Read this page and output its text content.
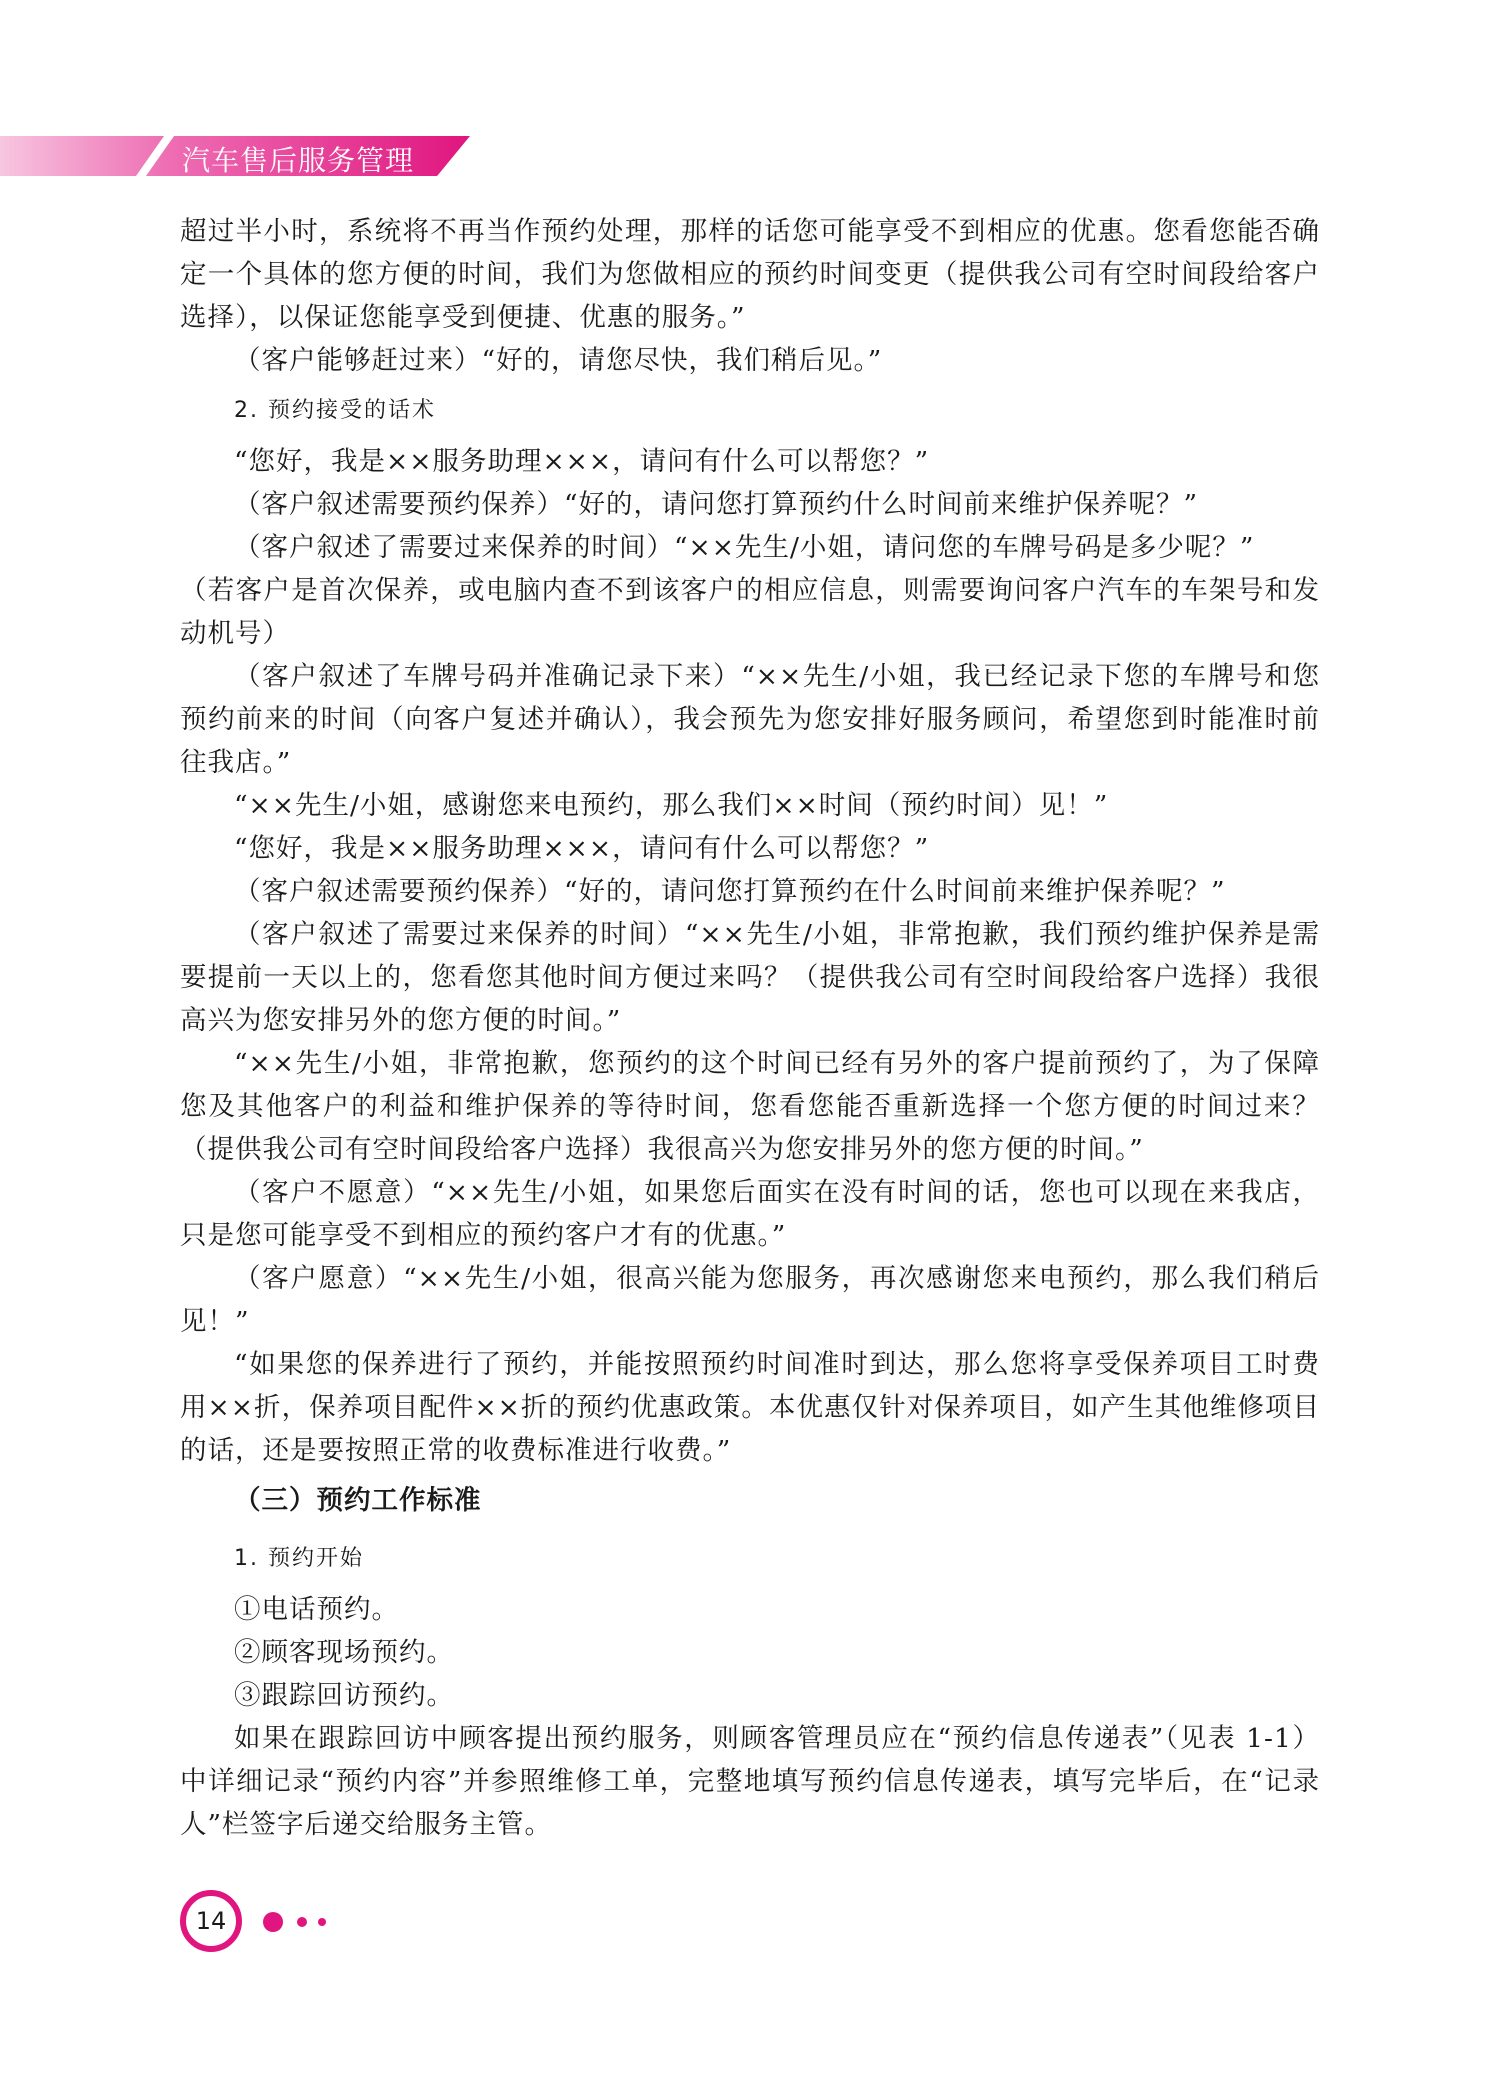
汽车售后服务管理

超过半小时，系统将不再当作预约处理，那样的话您可能享受不到相应的优惠。您看您能否确定一个具体的您方便的时间，我们为您做相应的预约时间变更（提供我公司有空时间段给客户选择），以保证您能享受到便捷、优惠的服务。”

（客户能够赶过来）“好的，请您尽快，我们稍后见。”

2. 预约接受的话术

“您好，我是××服务助理×××，请问有什么可以帮您？”

（客户叙述需要预约保养）“好的，请问您打算预约什么时间前来维护保养呢？”

（客户叙述了需要过来保养的时间）“××先生/小姐，请问您的车牌号码是多少呢？”

（若客户是首次保养，或电脑内查不到该客户的相应信息，则需要询问客户汽车的车架号和发动机号）

（客户叙述了车牌号码并准确记录下来）“××先生/小姐，我已经记录下您的车牌号和您预约前来的时间（向客户复述并确认），我会预先为您安排好服务顾问，希望您到时能准时前往我店。”

“××先生/小姐，感谢您来电预约，那么我们××时间（预约时间）见！”

“您好，我是××服务助理×××，请问有什么可以帮您？”

（客户叙述需要预约保养）“好的，请问您打算预约在什么时间前来维护保养呢？”

（客户叙述了需要过来保养的时间）“××先生/小姐，非常抱歉，我们预约维护保养是需要提前一天以上的，您看您其他时间方便过来吗？（提供我公司有空时间段给客户选择）我很高兴为您安排另外的您方便的时间。”

“××先生/小姐，非常抱歉，您预约的这个时间已经有另外的客户提前预约了，为了保障您及其他客户的利益和维护保养的等待时间，您看您能否重新选择一个您方便的时间过来？（提供我公司有空时间段给客户选择）我很高兴为您安排另外的您方便的时间。”

（客户不愿意）“××先生/小姐，如果您后面实在没有时间的话，您也可以现在来我店，只是您可能享受不到相应的预约客户才有的优惠。”

（客户愿意）“××先生/小姐，很高兴能为您服务，再次感谢您来电预约，那么我们稍后见！”

“如果您的保养进行了预约，并能按照预约时间准时到达，那么您将享受保养项目工时费用××折，保养项目配件××折的预约优惠政策。本优惠仅针对保养项目，如产生其他维修项目的话，还是要按照正常的收费标准进行收费。”

（三）预约工作标准
1. 预约开始
①电话预约。
②顾客现场预约。
③跟踪回访预约。

如果在跟踪回访中顾客提出预约服务，则顾客管理员应在“预约信息传递表”（见表 1-1）中详细记录“预约内容”并参照维修工单，完整地填写预约信息传递表，填写完毕后，在“记录人”栏签字后递交给服务主管。

14
